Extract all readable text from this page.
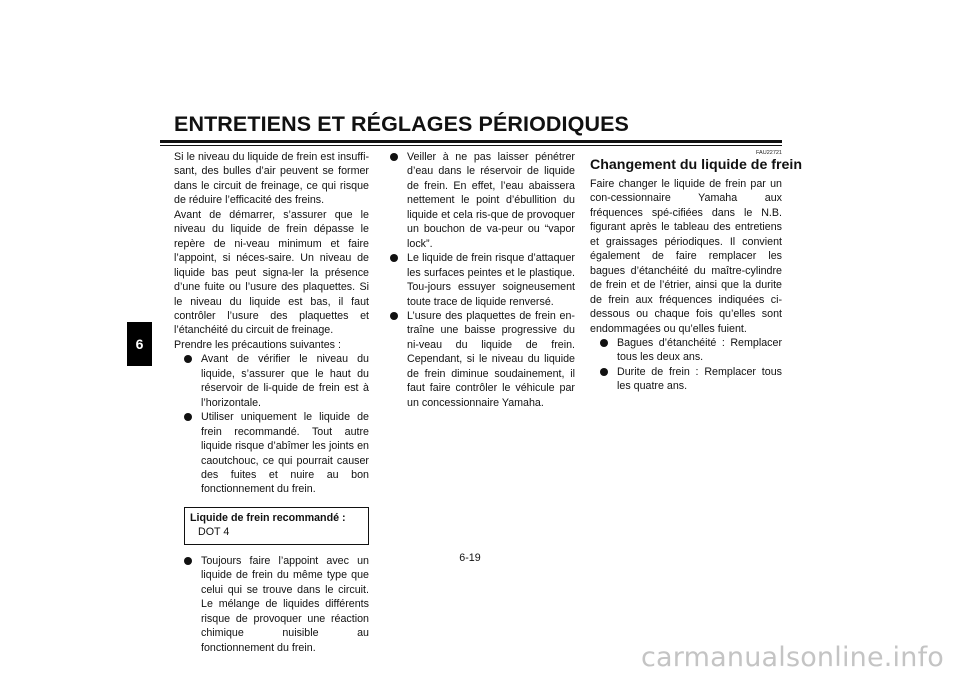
ENTRETIENS ET RÉGLAGES PÉRIODIQUES
6

Si le niveau du liquide de frein est insuffi-sant, des bulles d’air peuvent se former dans le circuit de freinage, ce qui risque de réduire l’efficacité des freins.

Avant de démarrer, s’assurer que le niveau du liquide de frein dépasse le repère de ni-veau minimum et faire l’appoint, si néces-saire. Un niveau de liquide bas peut signa-ler la présence d’une fuite ou l’usure des plaquettes. Si le niveau du liquide est bas, il faut contrôler l’usure des plaquettes et l’étanchéité du circuit de freinage.

Prendre les précautions suivantes :

Avant de vérifier le niveau du liquide, s’assurer que le haut du réservoir de li-quide de frein est à l’horizontale.
Utiliser uniquement le liquide de frein recommandé. Tout autre liquide risque d’abîmer les joints en caoutchouc, ce qui pourrait causer des fuites et nuire au bon fonctionnement du frein.
Liquide de frein recommandé :
DOT 4
Toujours faire l’appoint avec un liquide de frein du même type que celui qui se trouve dans le circuit. Le mélange de liquides différents risque de provoquer une réaction chimique nuisible au fonctionnement du frein.
Veiller à ne pas laisser pénétrer d’eau dans le réservoir de liquide de frein. En effet, l’eau abaissera nettement le point d’ébullition du liquide et cela ris-que de provoquer un bouchon de va-peur ou “vapor lock”.
Le liquide de frein risque d’attaquer les surfaces peintes et le plastique. Tou-jours essuyer soigneusement toute trace de liquide renversé.
L’usure des plaquettes de frein en-traîne une baisse progressive du ni-veau du liquide de frein. Cependant, si le niveau du liquide de frein diminue soudainement, il faut faire contrôler le véhicule par un concessionnaire Yamaha.
FAU22721
Changement du liquide de frein

Faire changer le liquide de frein par un con-cessionnaire Yamaha aux fréquences spé-cifiées dans le N.B. figurant après le tableau des entretiens et graissages périodiques. Il convient également de faire remplacer les bagues d’étanchéité du maître-cylindre de frein et de l’étrier, ainsi que la durite de frein aux fréquences indiquées ci-dessous ou chaque fois qu’elles sont endommagées ou qu’elles fuient.

Bagues d’étanchéité : Remplacer tous les deux ans.
Durite de frein : Remplacer tous les quatre ans.
6-19
carmanualsonline.info
